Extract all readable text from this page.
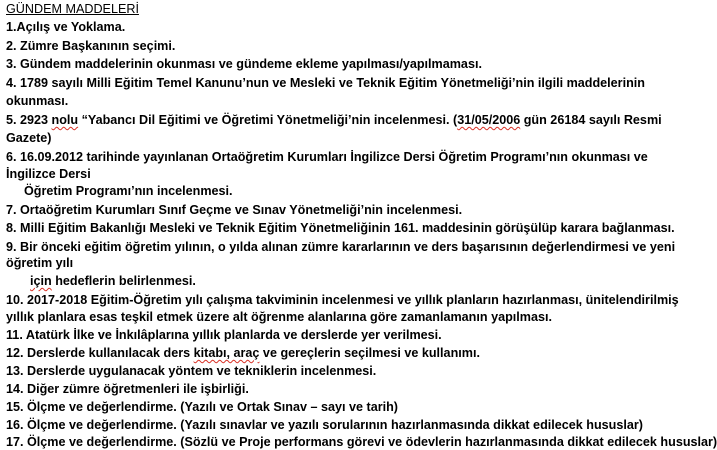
GÜNDEM MADDELERİ
1.Açılış ve Yoklama.
2. Zümre Başkanının seçimi.
3. Gündem maddelerinin okunması ve gündeme ekleme yapılması/yapılmaması.
4. 1789 sayılı Milli Eğitim Temel Kanunu’nun ve Mesleki ve Teknik Eğitim Yönetmeliği’nin ilgili maddelerinin
okunması.
5. 2923 nolu “Yabancı Dil Eğitimi ve Öğretimi Yönetmeliği’nin incelenmesi. (31/05/2006 gün 26184 sayılı Resmi
Gazete)
6. 16.09.2012 tarihinde yayınlanan Ortaöğretim Kurumları İngilizce Dersi Öğretim Programı’nın okunması ve
İngilizce Dersi
Öğretim Programı’nın incelenmesi.
7. Ortaöğretim Kurumları Sınıf Geçme ve Sınav Yönetmeliği’nin incelenmesi.
8. Milli Eğitim Bakanlığı Mesleki ve Teknik Eğitim Yönetmeliğinin 161. maddesinin görüşülüp karara bağlanması.
9. Bir önceki eğitim öğretim yılının, o yılda alınan zümre kararlarının ve ders başarısının değerlendirmesi ve yeni
öğretim yılı
için hedeflerin belirlenmesi.
10. 2017-2018 Eğitim-Öğretim yılı çalışma takviminin incelenmesi ve yıllık planların hazırlanması, ünitelendirilmiş
yıllık planlara esas teşkil etmek üzere alt öğrenme alanlarına göre zamanlamanın yapılması.
11. Atatürk İlke ve İnkılâplarına yıllık planlarda ve derslerde yer verilmesi.
12. Derslerde kullanılacak ders kitabı, araç ve gereçlerin seçilmesi ve kullanımı.
13. Derslerde uygulanacak yöntem ve tekniklerin incelenmesi.
14. Diğer zümre öğretmenleri ile işbirliği.
15. Ölçme ve değerlendirme. (Yazılı ve Ortak Sınav – sayı ve tarih)
16. Ölçme ve değerlendirme. (Yazılı sınavlar ve yazılı sorularının hazırlanmasında dikkat edilecek hususlar)
17. Ölçme ve değerlendirme. (Sözlü ve Proje performans görevi ve ödevlerin hazırlanmasında dikkat edilecek hususlar)
